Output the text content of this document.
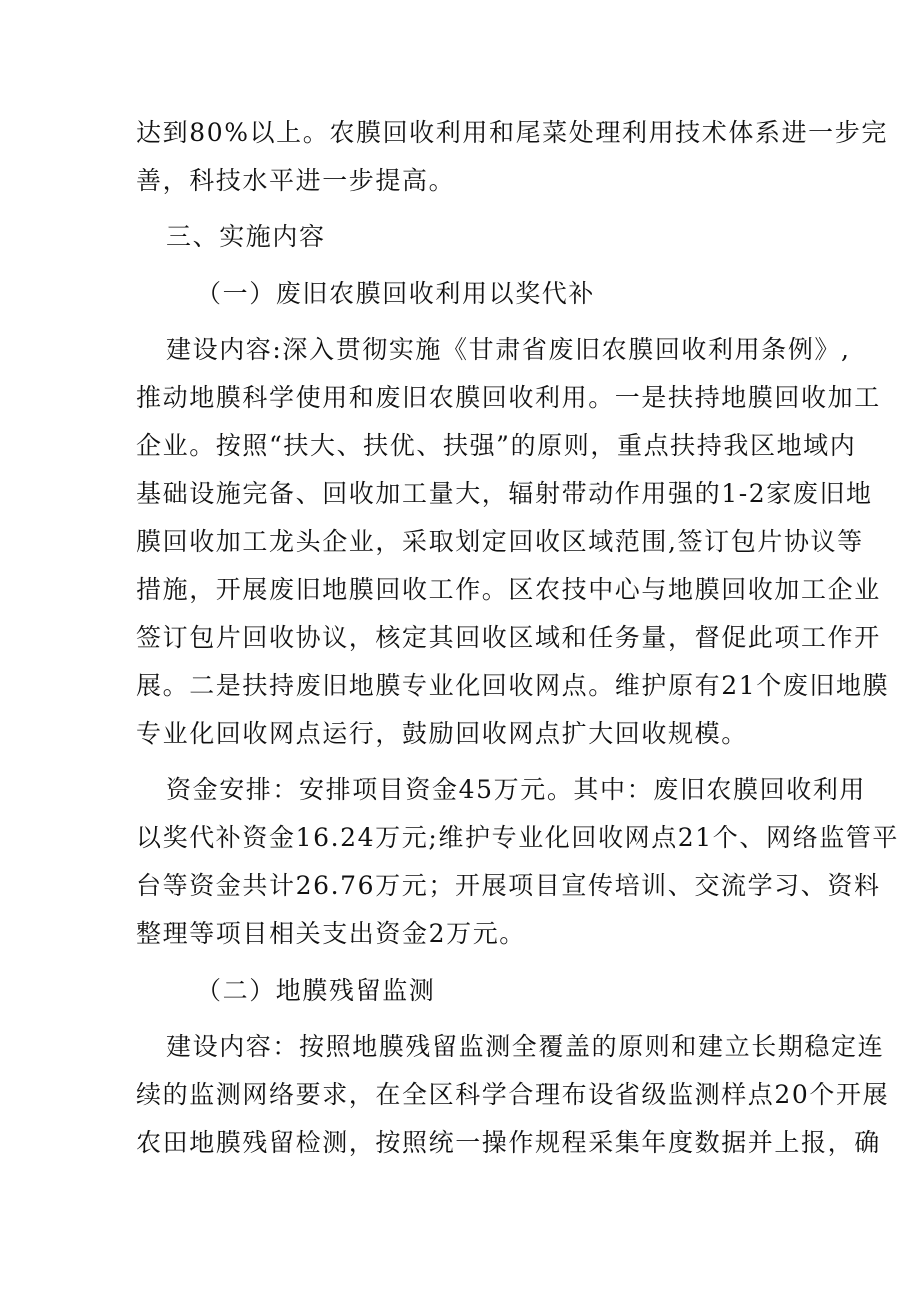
达到80%以上。农膜回收利用和尾菜处理利用技术体系进一步完
善，科技水平进一步提高。
三、实施内容
（一）废旧农膜回收利用以奖代补
建设内容:深入贯彻实施《甘肃省废旧农膜回收利用条例》,
推动地膜科学使用和废旧农膜回收利用。一是扶持地膜回收加工
企业。按照“扶大、扶优、扶强”的原则，重点扶持我区地域内
基础设施完备、回收加工量大，辐射带动作用强的1-2家废旧地
膜回收加工龙头企业，采取划定回收区域范围,签订包片协议等
措施，开展废旧地膜回收工作。区农技中心与地膜回收加工企业
签订包片回收协议，核定其回收区域和任务量，督促此项工作开
展。二是扶持废旧地膜专业化回收网点。维护原有21个废旧地膜
专业化回收网点运行，鼓励回收网点扩大回收规模。
资金安排：安排项目资金45万元。其中：废旧农膜回收利用
以奖代补资金16.24万元;维护专业化回收网点21个、网络监管平
台等资金共计26.76万元；开展项目宣传培训、交流学习、资料
整理等项目相关支出资金2万元。
（二）地膜残留监测
建设内容：按照地膜残留监测全覆盖的原则和建立长期稳定连
续的监测网络要求，在全区科学合理布设省级监测样点20个开展
农田地膜残留检测，按照统一操作规程采集年度数据并上报，确
